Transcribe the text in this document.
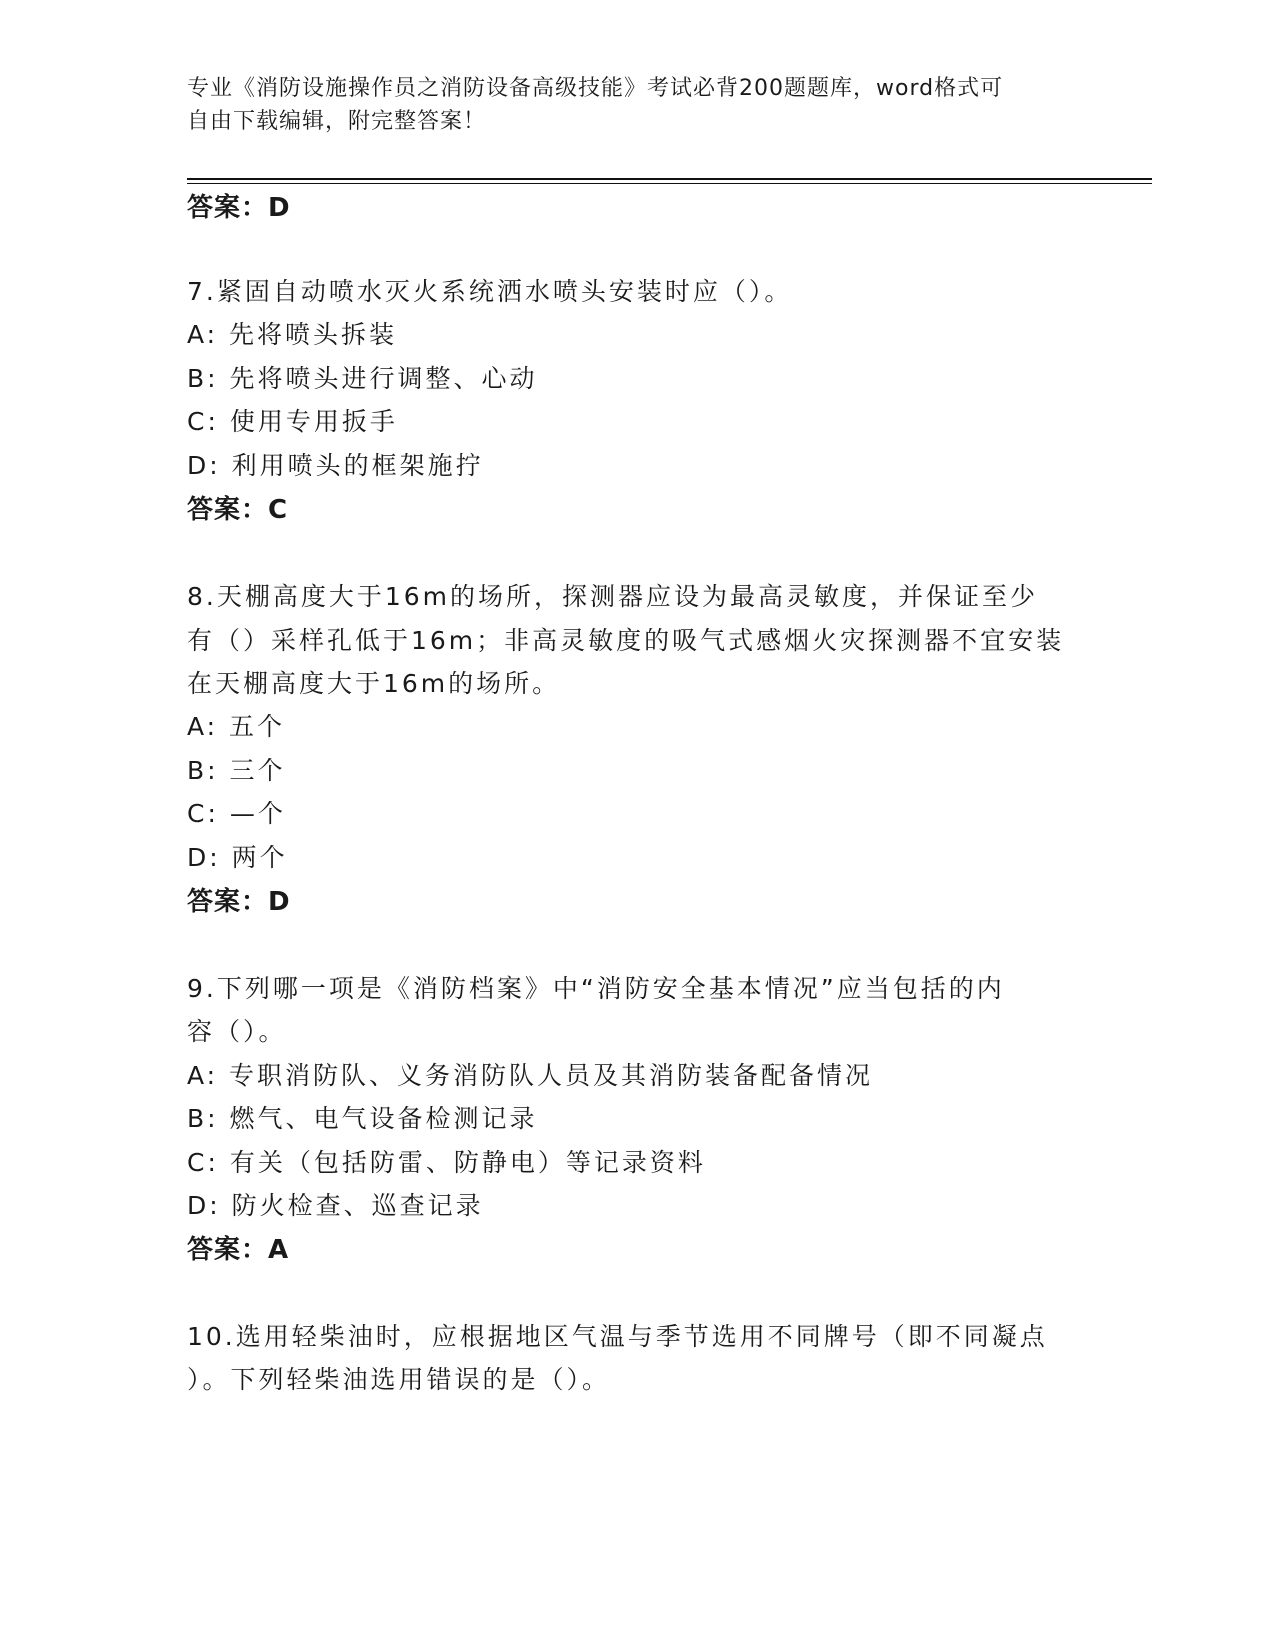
专业《消防设施操作员之消防设备高级技能》考试必背200题题库，word格式可
自由下载编辑，附完整答案！
答案：D
7.紧固自动喷水灭火系统洒水喷头安装时应（）。
A: 先将喷头拆装
B: 先将喷头进行调整、心动
C: 使用专用扳手
D: 利用喷头的框架施拧
答案：C
8.天棚高度大于16m的场所，探测器应设为最高灵敏度，并保证至少
有（）采样孔低于16m；非高灵敏度的吸气式感烟火灾探测器不宜安装
在天棚高度大于16m的场所。
A: 五个
B: 三个
C: —个
D: 两个
答案：D
9.下列哪一项是《消防档案》中“消防安全基本情况”应当包括的内
容（）。
A: 专职消防队、义务消防队人员及其消防装备配备情况
B: 燃气、电气设备检测记录
C: 有关（包括防雷、防静电）等记录资料
D: 防火检查、巡查记录
答案：A
10.选用轻柴油时，应根据地区气温与季节选用不同牌号（即不同凝点
）。下列轻柴油选用错误的是（）。
